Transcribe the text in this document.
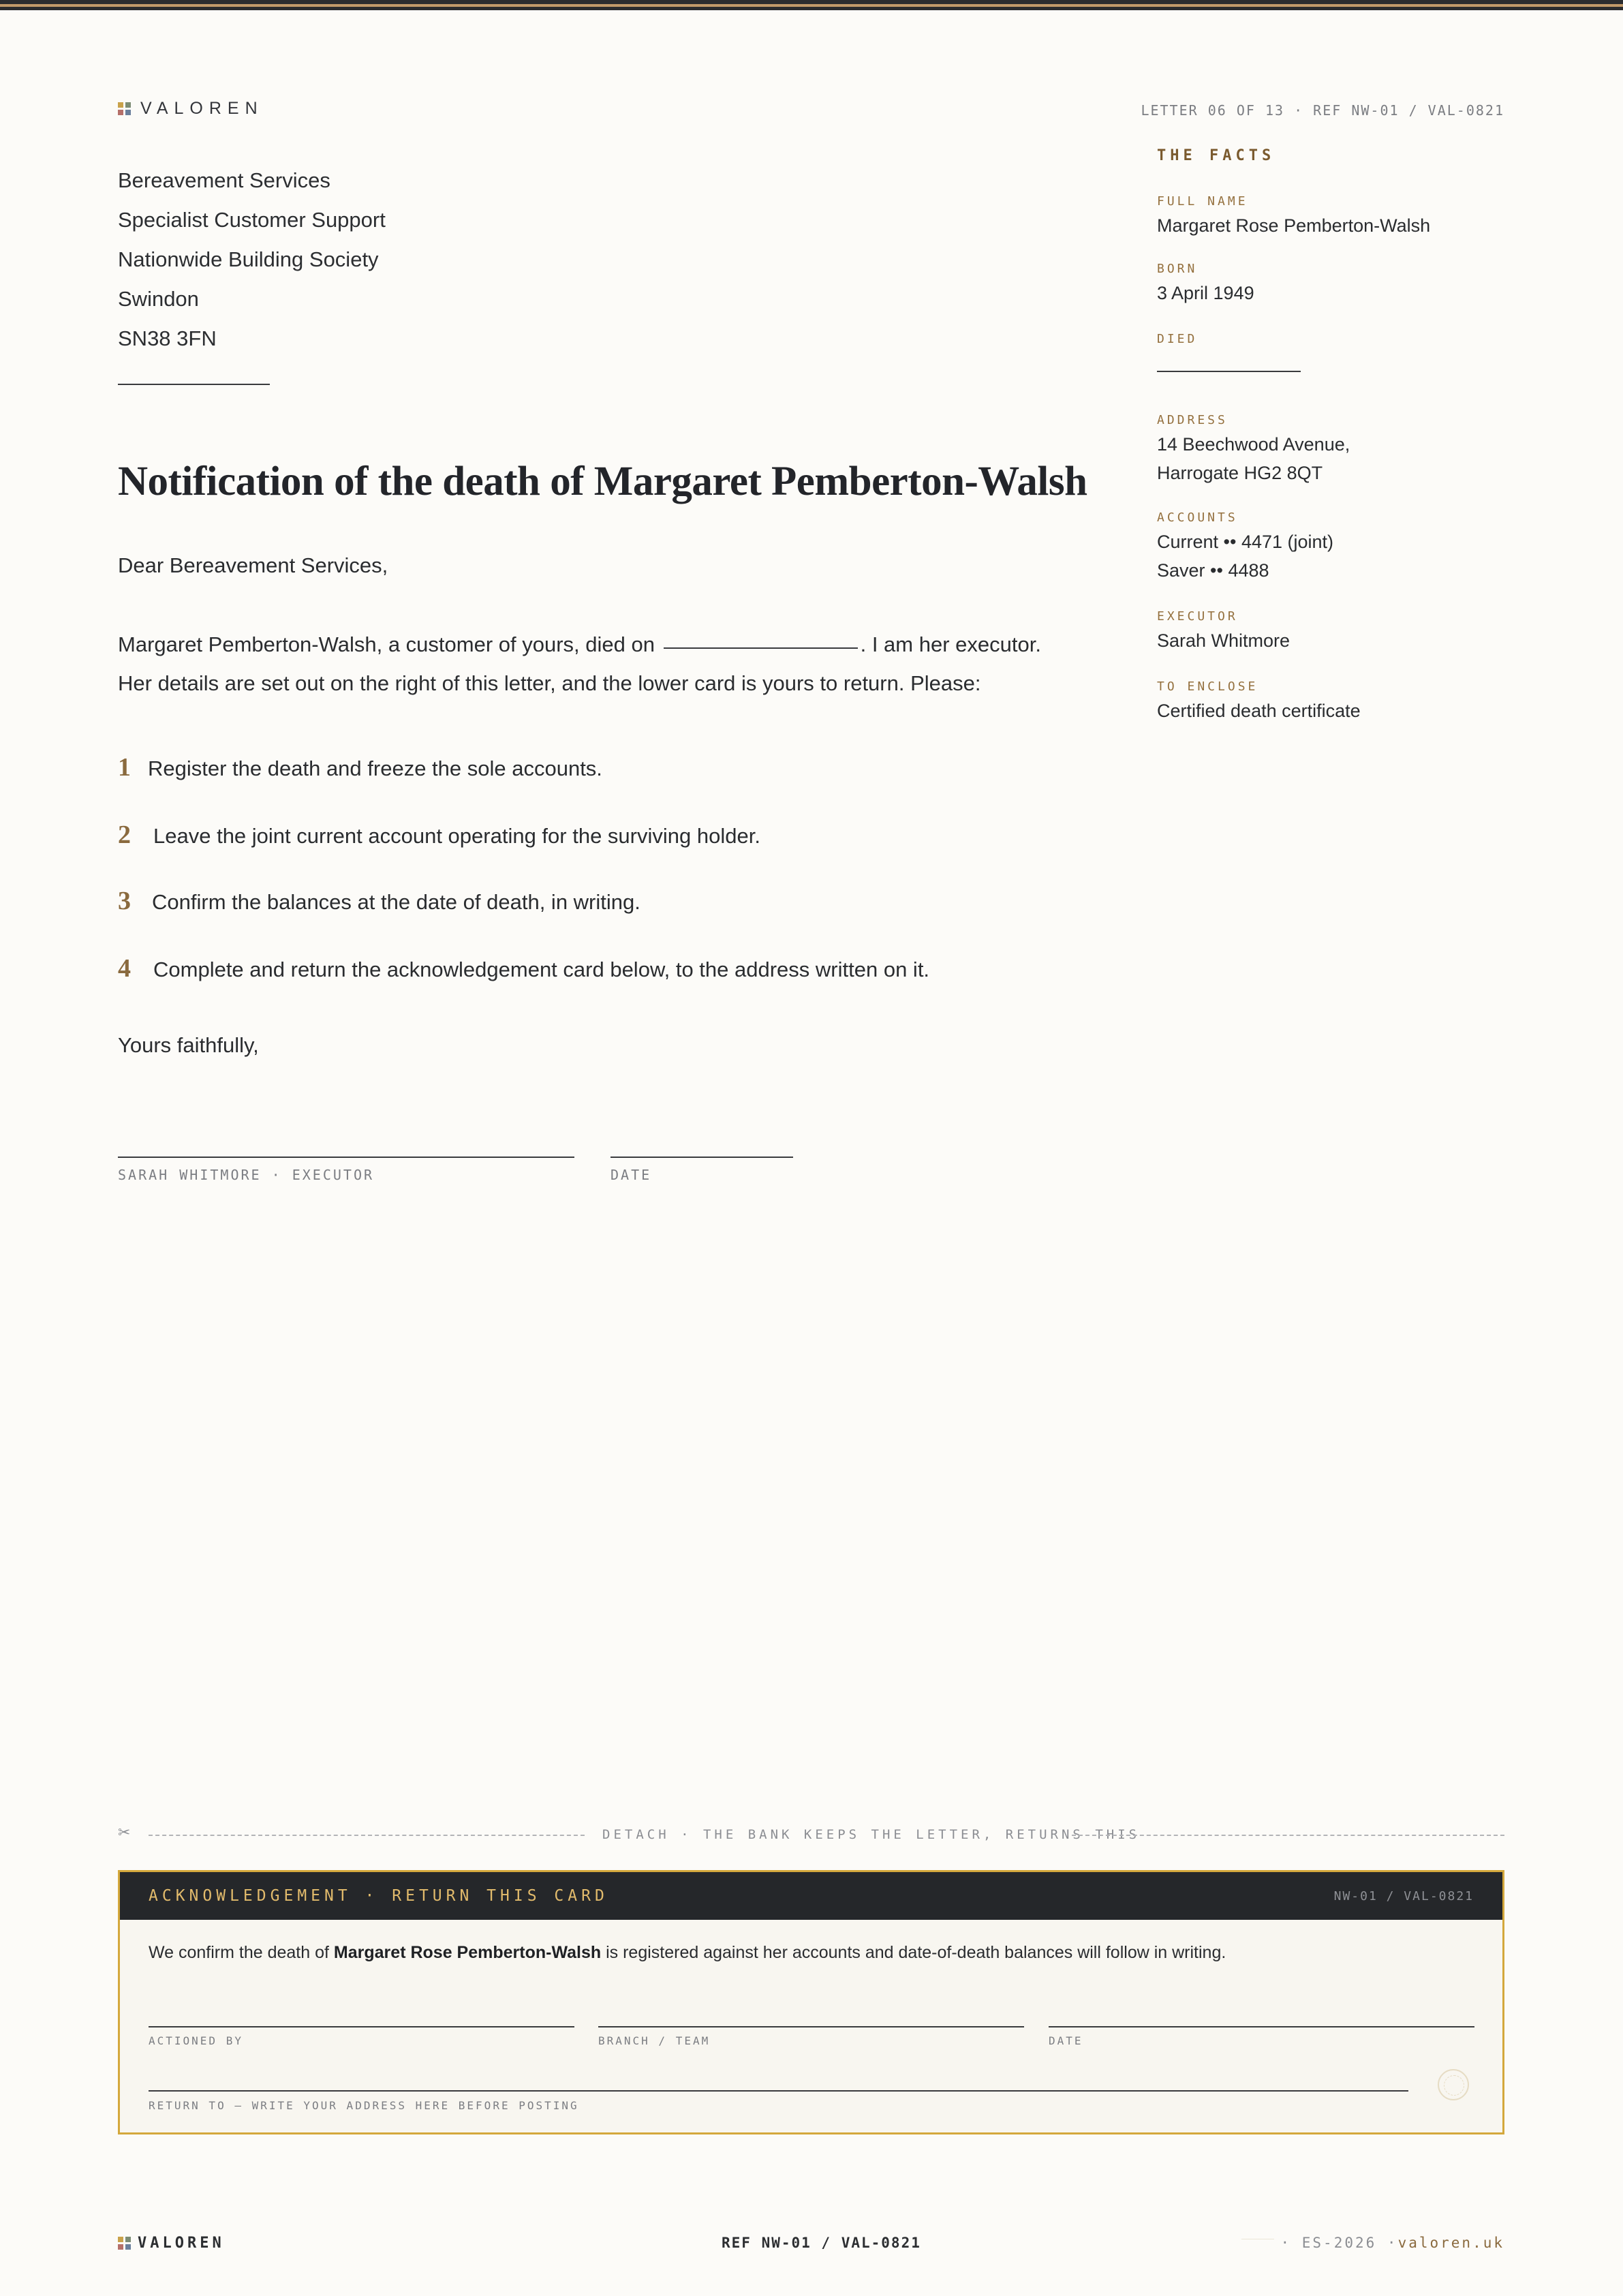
VALOREN	LETTER 06 OF 13 · REF NW-01 / VAL-0821
Bereavement Services
Specialist Customer Support
Nationwide Building Society
Swindon
SN38 3FN
Notification of the death of Margaret Pemberton-Walsh
Dear Bereavement Services,
Margaret Pemberton-Walsh, a customer of yours, died on	. I am her executor.
Her details are set out on the right of this letter, and the lower card is yours to return. Please:
1 Register the death and freeze the sole accounts.
2	Leave the joint current account operating for the surviving holder.
3	Confirm the balances at the date of death, in writing.
4	Complete and return the acknowledgement card below, to the address written on it.
Yours faithfully,
SARAH WHITMORE · EXECUTOR	DATE
THE FACTS
FULL NAME
Margaret Rose Pemberton-Walsh
BORN
3 April 1949
DIED
ADDRESS
14 Beechwood Avenue,
Harrogate HG2 8QT
ACCOUNTS
Current •• 4471 (joint)
Saver •• 4488
EXECUTOR
Sarah Whitmore
TO ENCLOSE
Certified death certificate
✂	DETACH · THE BANK KEEPS THE LETTER, RETURNS THIS
ACKNOWLEDGEMENT · RETURN THIS CARD	NW-01 / VAL-0821
We confirm the death of Margaret Rose Pemberton-Walsh is registered against her accounts and date-of-death balances will follow in writing.
ACTIONED BY	BRANCH / TEAM	DATE
RETURN TO — WRITE YOUR ADDRESS HERE BEFORE POSTING
VALOREN	REF NW-01 / VAL-0821	· ES-2026 ·valoren.uk
